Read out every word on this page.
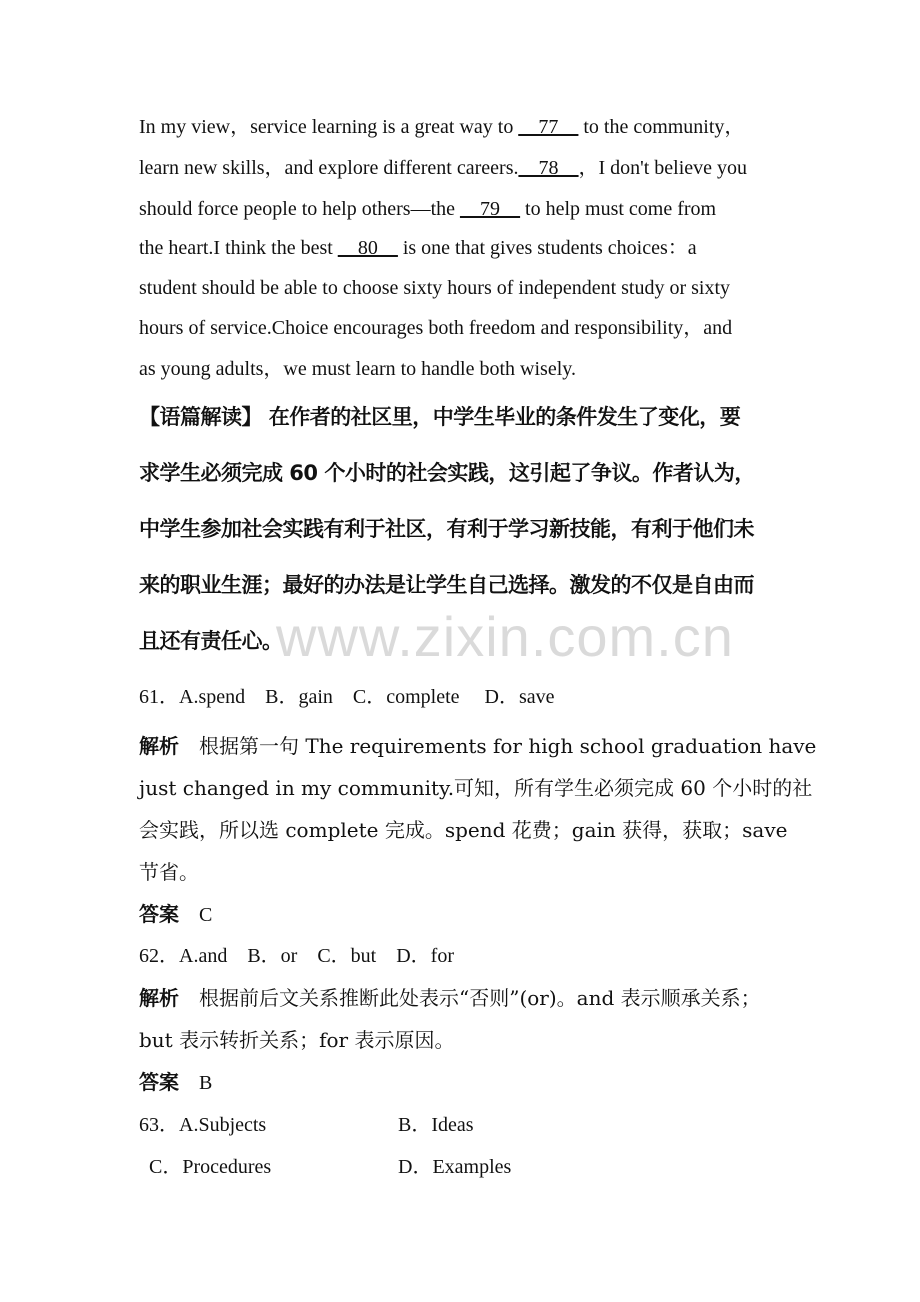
In my view，service learning is a great way to __77__ to the community，
learn new skills，and explore different careers.__78__，I don't believe you
should force people to help others—the __79__ to help must come from
the heart.I think the best __80__ is one that gives students choices：a
student should be able to choose sixty hours of independent study or sixty
hours of service.Choice encourages both freedom and responsibility，and
as young adults，we must learn to handle both wisely.
【语篇解读】 在作者的社区里，中学生毕业的条件发生了变化，要
求学生必须完成 60 个小时的社会实践，这引起了争议。作者认为，
中学生参加社会实践有利于社区，有利于学习新技能，有利于他们未
来的职业生涯；最好的办法是让学生自己选择。激发的不仅是自由而
且还有责任心。
www.zixin.com.cn
61．A.spend　B．gain　C．complete　 D．save
解析　根据第一句 The requirements for high school graduation have
just changed in my community.可知，所有学生必须完成 60 个小时的社
会实践，所以选 complete 完成。spend 花费；gain 获得，获取；save
节省。
答案　C
62．A.and　B．or　C．but　D．for
解析　根据前后文关系推断此处表示“否则”(or)。and 表示顺承关系；
but 表示转折关系；for 表示原因。
答案　B
63．A.Subjects	B．Ideas
C．Procedures	D．Examples
